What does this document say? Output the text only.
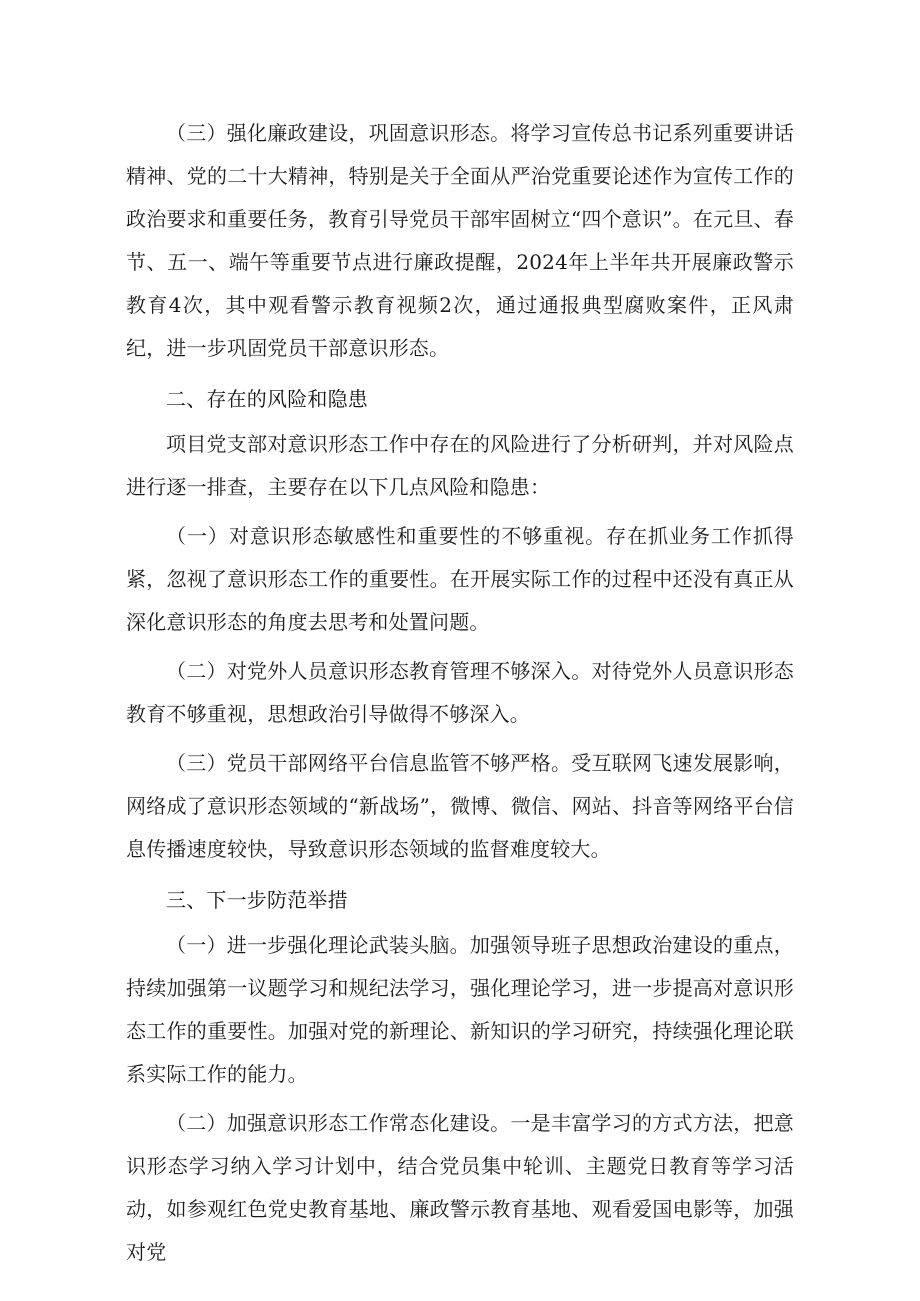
（三）强化廉政建设，巩固意识形态。将学习宣传总书记系列重要讲话精神、党的二十大精神，特别是关于全面从严治党重要论述作为宣传工作的政治要求和重要任务，教育引导党员干部牢固树立“四个意识”。在元旦、春节、五一、端午等重要节点进行廉政提醒，2024年上半年共开展廉政警示教育4次，其中观看警示教育视频2次，通过通报典型腐败案件，正风肃纪，进一步巩固党员干部意识形态。

二、存在的风险和隐患

项目党支部对意识形态工作中存在的风险进行了分析研判，并对风险点进行逐一排查，主要存在以下几点风险和隐患：

（一）对意识形态敏感性和重要性的不够重视。存在抓业务工作抓得紧，忽视了意识形态工作的重要性。在开展实际工作的过程中还没有真正从深化意识形态的角度去思考和处置问题。

（二）对党外人员意识形态教育管理不够深入。对待党外人员意识形态教育不够重视，思想政治引导做得不够深入。

（三）党员干部网络平台信息监管不够严格。受互联网飞速发展影响，网络成了意识形态领域的“新战场”，微博、微信、网站、抖音等网络平台信息传播速度较快，导致意识形态领域的监督难度较大。

三、下一步防范举措

（一）进一步强化理论武装头脑。加强领导班子思想政治建设的重点，持续加强第一议题学习和规纪法学习，强化理论学习，进一步提高对意识形态工作的重要性。加强对党的新理论、新知识的学习研究，持续强化理论联系实际工作的能力。

（二）加强意识形态工作常态化建设。一是丰富学习的方式方法，把意识形态学习纳入学习计划中，结合党员集中轮训、主题党日教育等学习活动，如参观红色党史教育基地、廉政警示教育基地、观看爱国电影等，加强对党
